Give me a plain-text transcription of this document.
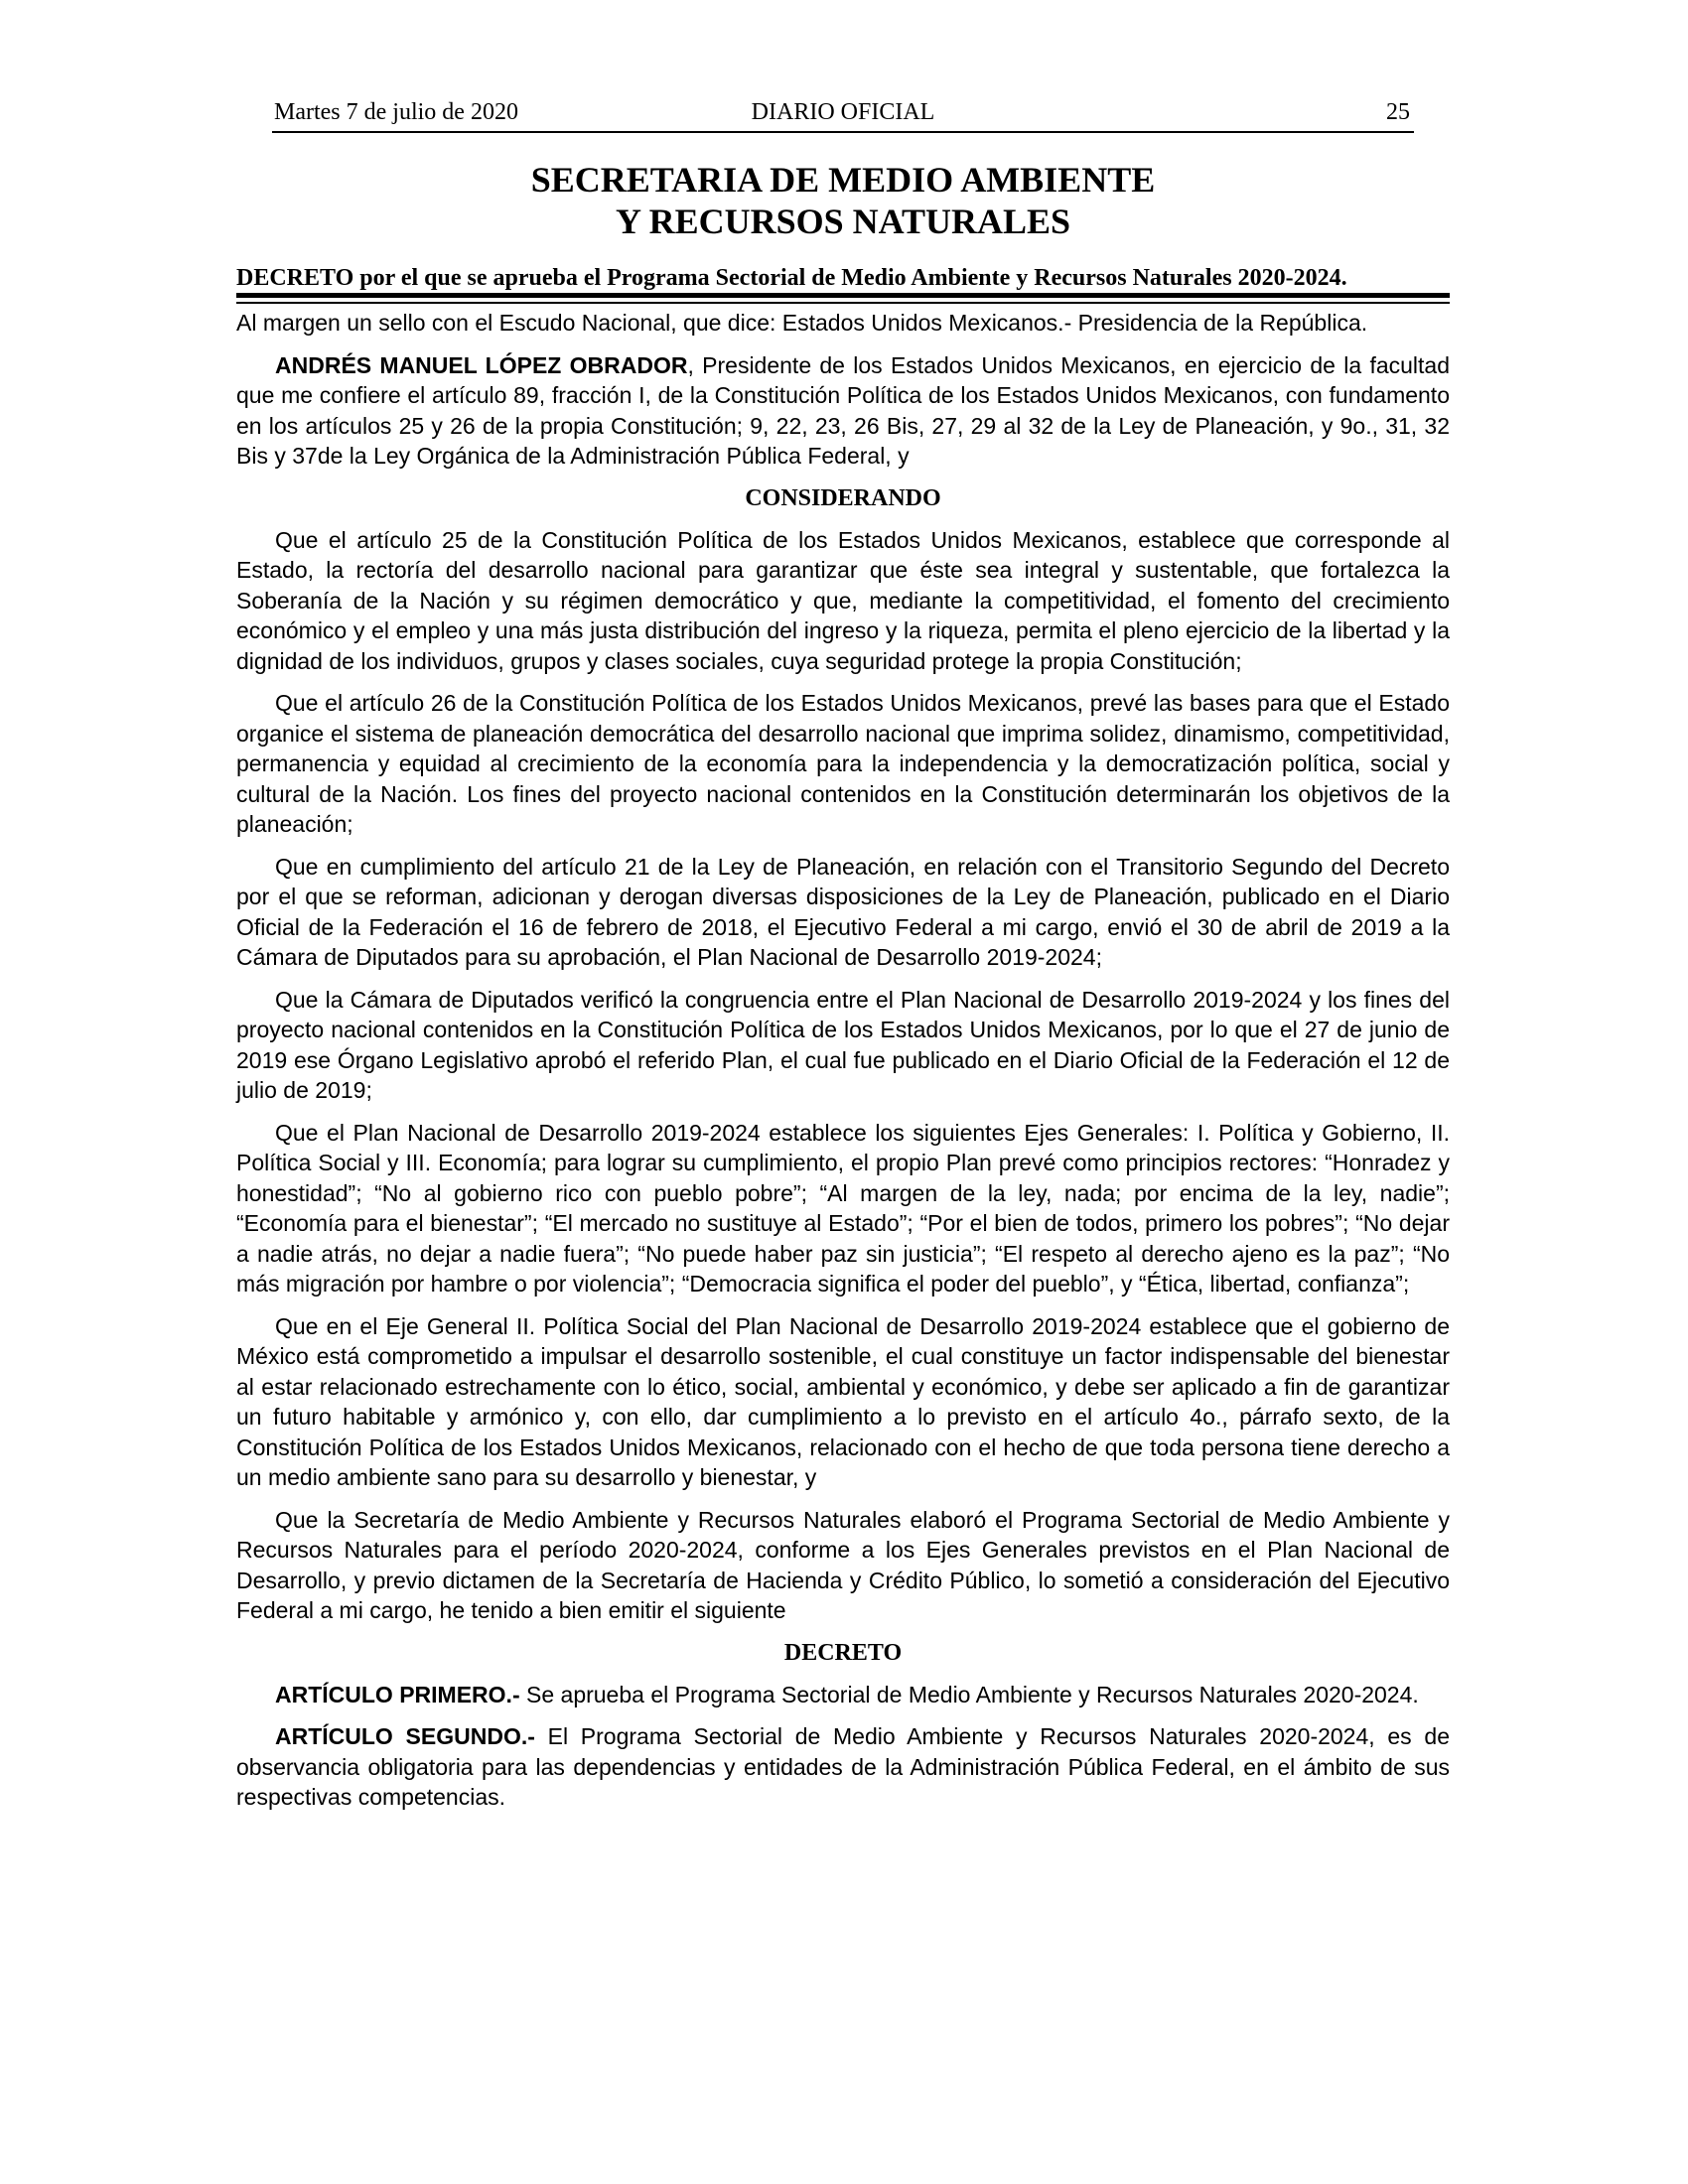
DIARIO OFICIAL
Martes 7 de julio de 2020	25
SECRETARIA DE MEDIO AMBIENTE
Y RECURSOS NATURALES
DECRETO por el que se aprueba el Programa Sectorial de Medio Ambiente y Recursos Naturales 2020-2024.

Al margen un sello con el Escudo Nacional, que dice: Estados Unidos Mexicanos.- Presidencia de la República.

ANDRÉS MANUEL LÓPEZ OBRADOR, Presidente de los Estados Unidos Mexicanos, en ejercicio de la facultad que me confiere el artículo 89, fracción I, de la Constitución Política de los Estados Unidos Mexicanos, con fundamento en los artículos 25 y 26 de la propia Constitución; 9, 22, 23, 26 Bis, 27, 29 al 32 de la Ley de Planeación, y 9o., 31, 32 Bis y 37de la Ley Orgánica de la Administración Pública Federal, y

CONSIDERANDO

Que el artículo 25 de la Constitución Política de los Estados Unidos Mexicanos, establece que corresponde al Estado, la rectoría del desarrollo nacional para garantizar que éste sea integral y sustentable, que fortalezca la Soberanía de la Nación y su régimen democrático y que, mediante la competitividad, el fomento del crecimiento económico y el empleo y una más justa distribución del ingreso y la riqueza, permita el pleno ejercicio de la libertad y la dignidad de los individuos, grupos y clases sociales, cuya seguridad protege la propia Constitución;

Que el artículo 26 de la Constitución Política de los Estados Unidos Mexicanos, prevé las bases para que el Estado organice el sistema de planeación democrática del desarrollo nacional que imprima solidez, dinamismo, competitividad, permanencia y equidad al crecimiento de la economía para la independencia y la democratización política, social y cultural de la Nación. Los fines del proyecto nacional contenidos en la Constitución determinarán los objetivos de la planeación;

Que en cumplimiento del artículo 21 de la Ley de Planeación, en relación con el Transitorio Segundo del Decreto por el que se reforman, adicionan y derogan diversas disposiciones de la Ley de Planeación, publicado en el Diario Oficial de la Federación el 16 de febrero de 2018, el Ejecutivo Federal a mi cargo, envió el 30 de abril de 2019 a la Cámara de Diputados para su aprobación, el Plan Nacional de Desarrollo 2019-2024;

Que la Cámara de Diputados verificó la congruencia entre el Plan Nacional de Desarrollo 2019-2024 y los fines del proyecto nacional contenidos en la Constitución Política de los Estados Unidos Mexicanos, por lo que el 27 de junio de 2019 ese Órgano Legislativo aprobó el referido Plan, el cual fue publicado en el Diario Oficial de la Federación el 12 de julio de 2019;

Que el Plan Nacional de Desarrollo 2019-2024 establece los siguientes Ejes Generales: I. Política y Gobierno, II. Política Social y III. Economía; para lograr su cumplimiento, el propio Plan prevé como principios rectores: “Honradez y honestidad”; “No al gobierno rico con pueblo pobre”; “Al margen de la ley, nada; por encima de la ley, nadie”; “Economía para el bienestar”; “El mercado no sustituye al Estado”; “Por el bien de todos, primero los pobres”; “No dejar a nadie atrás, no dejar a nadie fuera”; “No puede haber paz sin justicia”; “El respeto al derecho ajeno es la paz”; “No más migración por hambre o por violencia”; “Democracia significa el poder del pueblo”, y “Ética, libertad, confianza”;

Que en el Eje General II. Política Social del Plan Nacional de Desarrollo 2019-2024 establece que el gobierno de México está comprometido a impulsar el desarrollo sostenible, el cual constituye un factor indispensable del bienestar al estar relacionado estrechamente con lo ético, social, ambiental y económico, y debe ser aplicado a fin de garantizar un futuro habitable y armónico y, con ello, dar cumplimiento a lo previsto en el artículo 4o., párrafo sexto, de la Constitución Política de los Estados Unidos Mexicanos, relacionado con el hecho de que toda persona tiene derecho a un medio ambiente sano para su desarrollo y bienestar, y

Que la Secretaría de Medio Ambiente y Recursos Naturales elaboró el Programa Sectorial de Medio Ambiente y Recursos Naturales para el período 2020-2024, conforme a los Ejes Generales previstos en el Plan Nacional de Desarrollo, y previo dictamen de la Secretaría de Hacienda y Crédito Público, lo sometió a consideración del Ejecutivo Federal a mi cargo, he tenido a bien emitir el siguiente

DECRETO

ARTÍCULO PRIMERO.- Se aprueba el Programa Sectorial de Medio Ambiente y Recursos Naturales 2020-2024.

ARTÍCULO SEGUNDO.- El Programa Sectorial de Medio Ambiente y Recursos Naturales 2020-2024, es de observancia obligatoria para las dependencias y entidades de la Administración Pública Federal, en el ámbito de sus respectivas competencias.
